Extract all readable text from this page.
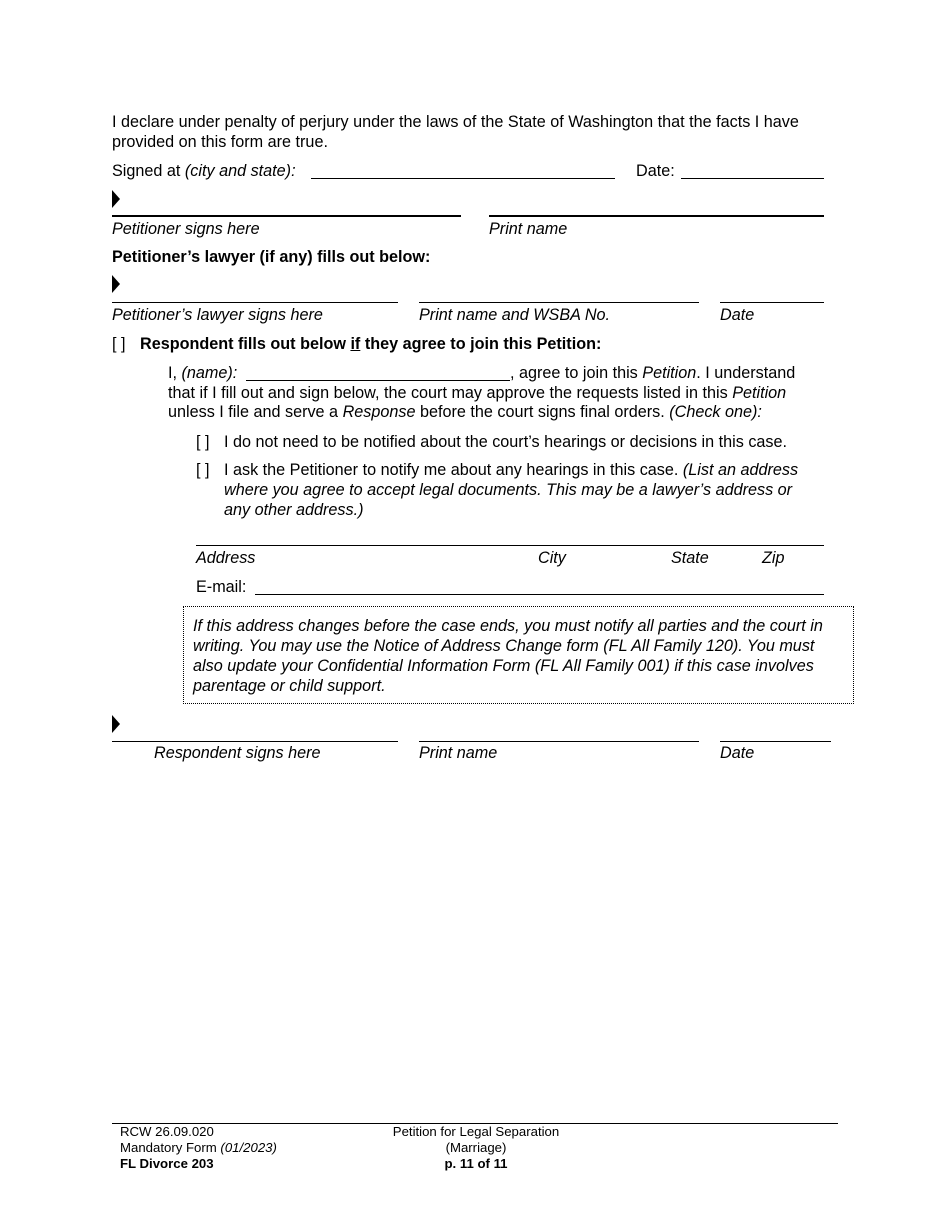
I declare under penalty of perjury under the laws of the State of Washington that the facts I have
provided on this form are true.
Signed at (city and state):	Date:
Petitioner signs here	Print name
Petitioner’s lawyer (if any) fills out below:
Petitioner’s lawyer signs here	Print name and WSBA No.	Date
[ ] Respondent fills out below if they agree to join this Petition:
I, (name):	, agree to join this Petition. I understand
that if I fill out and sign below, the court may approve the requests listed in this Petition
unless I file and serve a Response before the court signs final orders. (Check one):
[ ] I do not need to be notified about the court’s hearings or decisions in this case.
[ ] I ask the Petitioner to notify me about any hearings in this case. (List an address
where you agree to accept legal documents. This may be a lawyer’s address or
any other address.)
Address	City	State	Zip
E-mail:
If this address changes before the case ends, you must notify all parties and the court in writing. You may use the Notice of Address Change form (FL All Family 120). You must also update your Confidential Information Form (FL All Family 001) if this case involves parentage or child support.
Respondent signs here	Print name	Date
RCW 26.09.020
Mandatory Form (01/2023)
FL Divorce 203
Petition for Legal Separation
(Marriage)
p. 11 of 11
